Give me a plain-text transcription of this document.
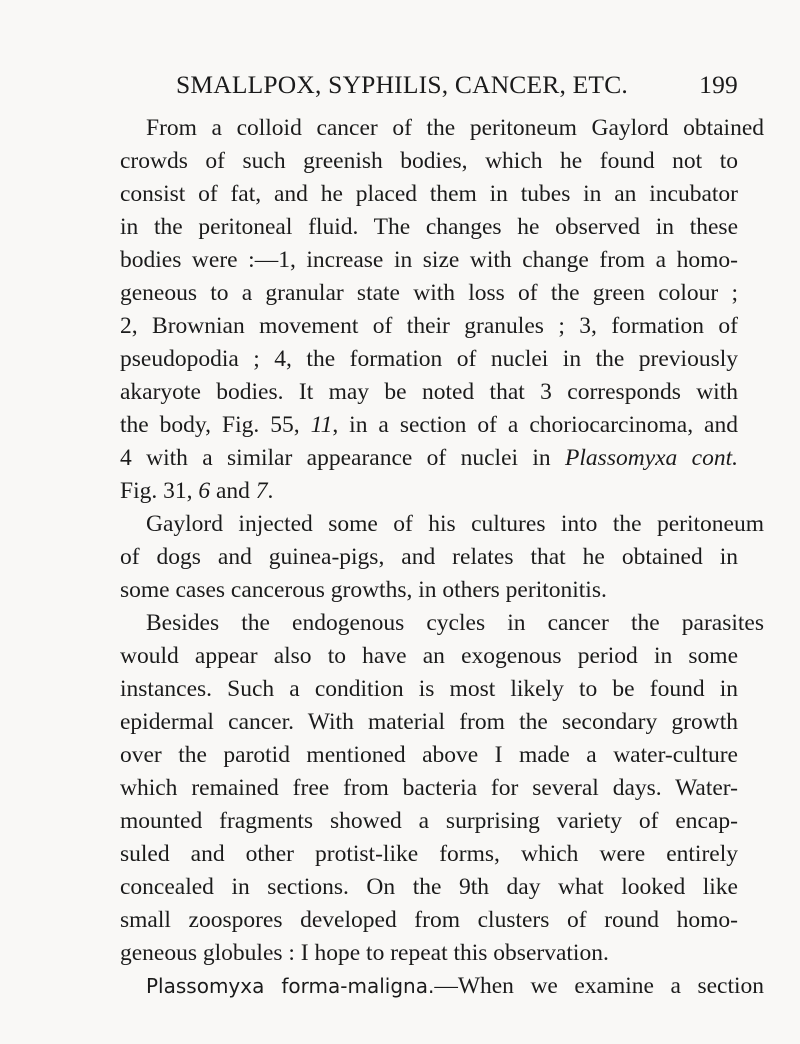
SMALLPOX, SYPHILIS, CANCER, ETC.	199
From a colloid cancer of the peritoneum Gaylord obtained
crowds of such greenish bodies, which he found not to
consist of fat, and he placed them in tubes in an incubator
in the peritoneal fluid. The changes he observed in these
bodies were :—1, increase in size with change from a homo-
geneous to a granular state with loss of the green colour ;
2, Brownian movement of their granules ; 3, formation of
pseudopodia ; 4, the formation of nuclei in the previously
akaryote bodies. It may be noted that 3 corresponds with
the body, Fig. 55, 11, in a section of a choriocarcinoma, and
4 with a similar appearance of nuclei in Plassomyxa cont.
Fig. 31, 6 and 7.
Gaylord injected some of his cultures into the peritoneum
of dogs and guinea-pigs, and relates that he obtained in
some cases cancerous growths, in others peritonitis.
Besides the endogenous cycles in cancer the parasites
would appear also to have an exogenous period in some
instances. Such a condition is most likely to be found in
epidermal cancer. With material from the secondary growth
over the parotid mentioned above I made a water-culture
which remained free from bacteria for several days. Water-
mounted fragments showed a surprising variety of encap-
suled and other protist-like forms, which were entirely
concealed in sections. On the 9th day what looked like
small zoospores developed from clusters of round homo-
geneous globules : I hope to repeat this observation.
Plassomyxa forma-maligna.—When we examine a section
